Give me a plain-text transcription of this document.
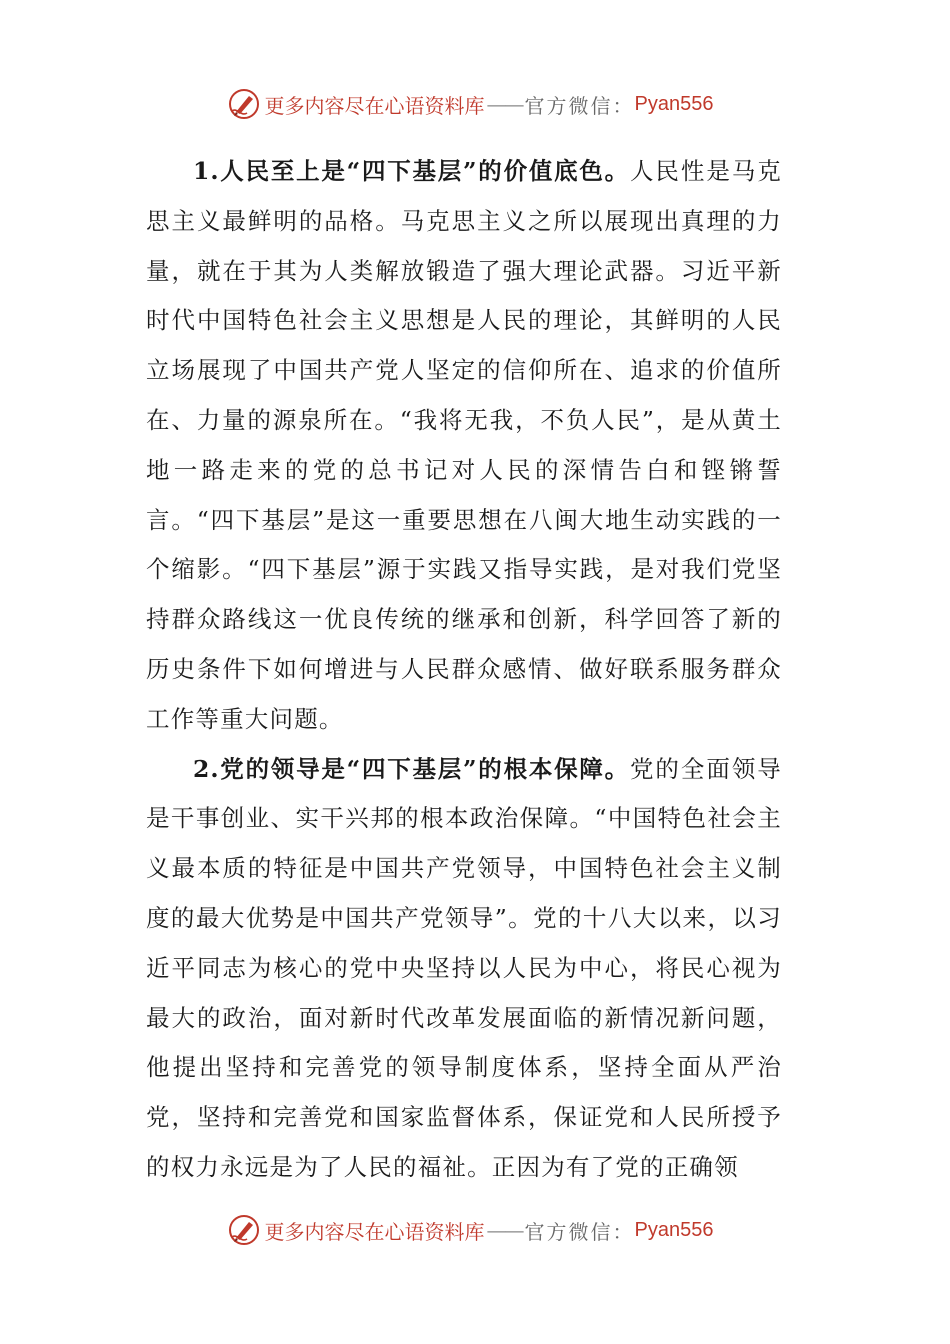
更多内容尽在心语资料库 —— 官方微信： Pyan556

1.人民至上是“四下基层”的价值底色。人民性是马克思主义最鲜明的品格。马克思主义之所以展现出真理的力量，就在于其为人类解放锻造了强大理论武器。习近平新时代中国特色社会主义思想是人民的理论，其鲜明的人民立场展现了中国共产党人坚定的信仰所在、追求的价值所在、力量的源泉所在。“我将无我，不负人民”，是从黄土地一路走来的党的总书记对人民的深情告白和铿锵誓言。“四下基层”是这一重要思想在八闽大地生动实践的一个缩影。“四下基层”源于实践又指导实践，是对我们党坚持群众路线这一优良传统的继承和创新，科学回答了新的历史条件下如何增进与人民群众感情、做好联系服务群众工作等重大问题。

2.党的领导是“四下基层”的根本保障。党的全面领导是干事创业、实干兴邦的根本政治保障。“中国特色社会主义最本质的特征是中国共产党领导，中国特色社会主义制度的最大优势是中国共产党领导”。党的十八大以来，以习近平同志为核心的党中央坚持以人民为中心，将民心视为最大的政治，面对新时代改革发展面临的新情况新问题，他提出坚持和完善党的领导制度体系，坚持全面从严治党，坚持和完善党和国家监督体系，保证党和人民所授予的权力永远是为了人民的福祉。正因为有了党的正确领

更多内容尽在心语资料库 —— 官方微信： Pyan556
